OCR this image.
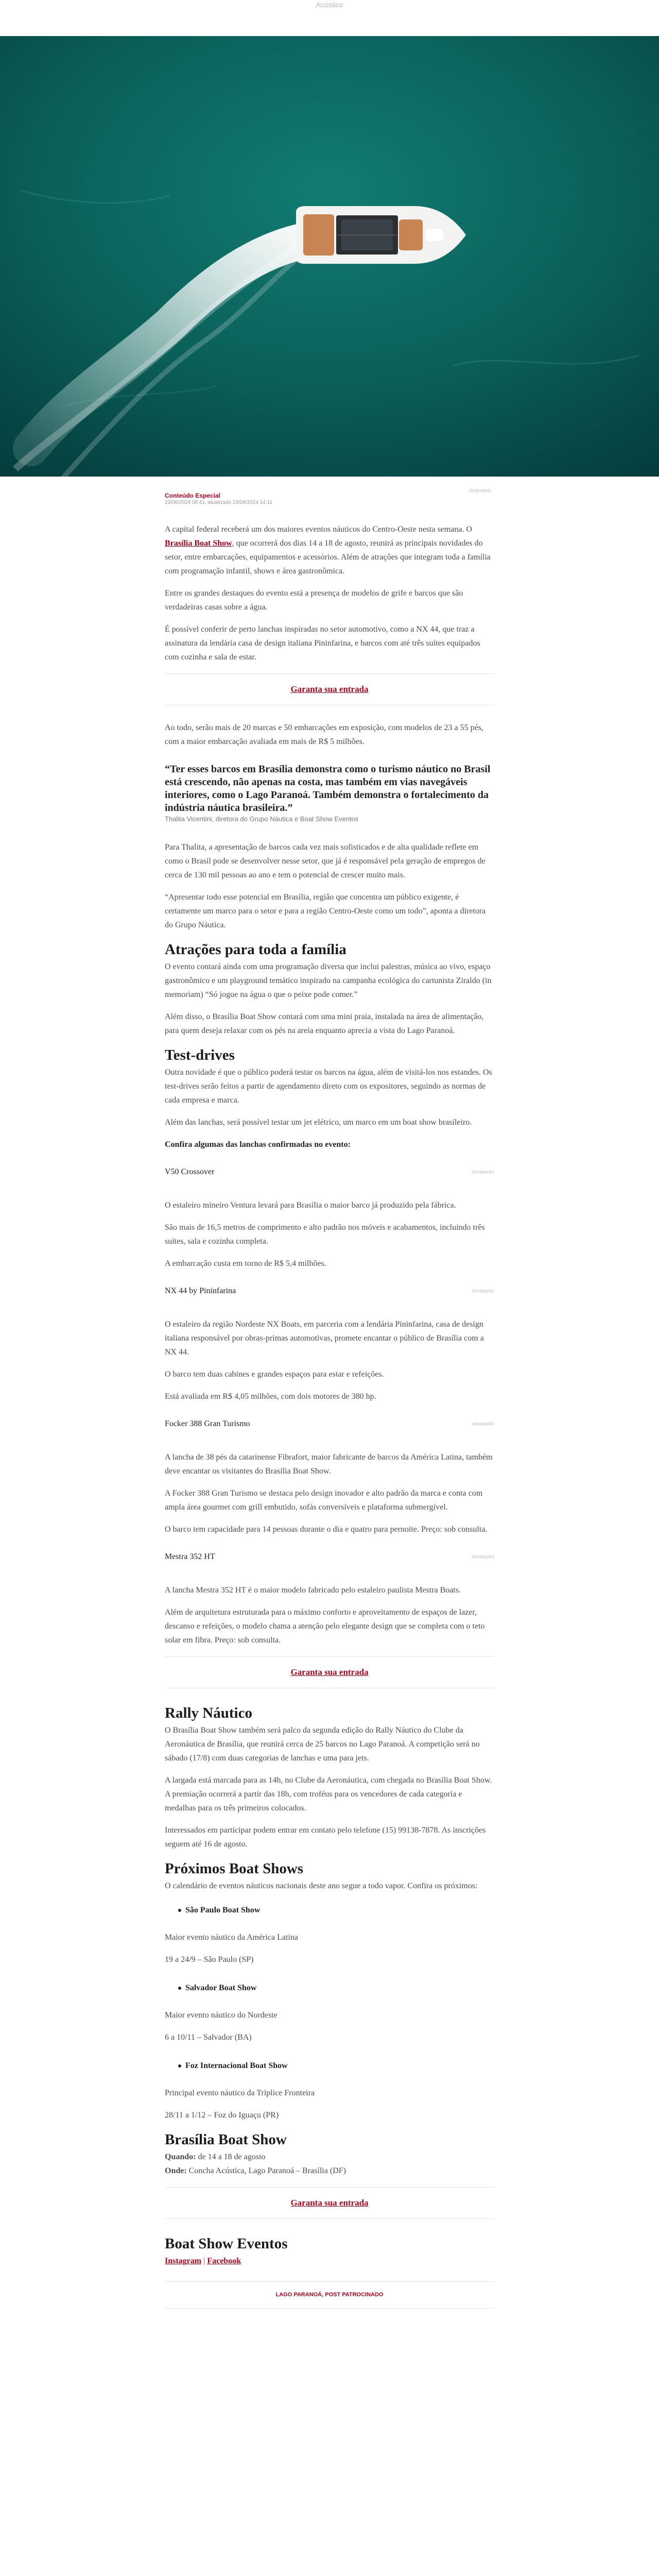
Acústico
(ilustrativa)
Conteúdo Especial
23/08/2024 08:41, atualizado 23/08/2024 14:11

A capital federal receberá um dos maiores eventos náuticos do Centro-Oeste nesta semana. O Brasília Boat Show, que ocorrerá dos dias 14 a 18 de agosto, reunirá as principais novidades do setor, entre embarcações, equipamentos e acessórios. Além de atrações que integram toda a família com programação infantil, shows e área gastronômica.

Entre os grandes destaques do evento está a presença de modelos de grife e barcos que são verdadeiras casas sobre a água.

É possível conferir de perto lanchas inspiradas no setor automotivo, como a NX 44, que traz a assinatura da lendária casa de design italiana Pininfarina, e barcos com até três suítes equipados com cozinha e sala de estar.

Garanta sua entrada

Ao todo, serão mais de 20 marcas e 50 embarcações em exposição, com modelos de 23 a 55 pés, com a maior embarcação avaliada em mais de R$ 5 milhões.

“Ter esses barcos em Brasília demonstra como o turismo náutico no Brasil está crescendo, não apenas na costa, mas também em vias navegáveis interiores, como o Lago Paranoá. Também demonstra o fortalecimento da indústria náutica brasileira.”
Thalita Vicentini, diretora do Grupo Náutica e Boat Show Eventos

Para Thalita, a apresentação de barcos cada vez mais sofisticados e de alta qualidade reflete em como o Brasil pode se desenvolver nesse setor, que já é responsável pela geração de empregos de cerca de 130 mil pessoas ao ano e tem o potencial de crescer muito mais.

“Apresentar todo esse potencial em Brasília, região que concentra um público exigente, é certamente um marco para o setor e para a região Centro-Oeste como um todo”, aponta a diretora do Grupo Náutica.

Atrações para toda a família

O evento contará ainda com uma programação diversa que inclui palestras, música ao vivo, espaço gastronômico e um playground temático inspirado na campanha ecológica do cartunista Ziraldo (in memoriam) “Só jogue na água o que o peixe pode comer.”

Além disso, o Brasília Boat Show contará com uma mini praia, instalada na área de alimentação, para quem deseja relaxar com os pés na areia enquanto aprecia a vista do Lago Paranoá.

Test-drives

Outra novidade é que o público poderá testar os barcos na água, além de visitá-los nos estandes. Os test-drives serão feitos a partir de agendamento direto com os expositores, seguindo as normas de cada empresa e marca.

Além das lanchas, será possível testar um jet elétrico, um marco em um boat show brasileiro.

Confira algumas das lanchas confirmadas no evento:

V50 Crossover	(divulgação)

O estaleiro mineiro Ventura levará para Brasília o maior barco já produzido pela fábrica.

São mais de 16,5 metros de comprimento e alto padrão nos móveis e acabamentos, incluindo três suítes, sala e cozinha completa.

A embarcação custa em torno de R$ 5,4 milhões.

NX 44 by Pininfarina	(divulgação)

O estaleiro da região Nordeste NX Boats, em parceria com a lendária Pininfarina, casa de design italiana responsável por obras-primas automotivas, promete encantar o público de Brasília com a NX 44.

O barco tem duas cabines e grandes espaços para estar e refeições.

Está avaliada em R$ 4,05 milhões, com dois motores de 380 hp.

Focker 388 Gran Turismo	(divulgação)

A lancha de 38 pés da catarinense Fibrafort, maior fabricante de barcos da América Latina, também deve encantar os visitantes do Brasília Boat Show.

A Focker 388 Gran Turismo se destaca pelo design inovador e alto padrão da marca e conta com ampla área gourmet com grill embutido, sofás conversíveis e plataforma submergível.

O barco tem capacidade para 14 pessoas durante o dia e quatro para pernoite. Preço: sob consulta.

Mestra 352 HT	(divulgação)

A lancha Mestra 352 HT é o maior modelo fabricado pelo estaleiro paulista Mestra Boats.

Além de arquitetura estruturada para o máximo conforto e aproveitamento de espaços de lazer, descanso e refeições, o modelo chama a atenção pelo elegante design que se completa com o teto solar em fibra. Preço: sob consulta.

Garanta sua entrada
Rally Náutico

O Brasília Boat Show também será palco da segunda edição do Rally Náutico do Clube da Aeronáutica de Brasília, que reunirá cerca de 25 barcos no Lago Paranoá. A competição será no sábado (17/8) com duas categorias de lanchas e uma para jets.

A largada está marcada para as 14h, no Clube da Aeronáutica, com chegada no Brasília Boat Show. A premiação ocorrerá a partir das 18h, com troféus para os vencedores de cada categoria e medalhas para os três primeiros colocados.

Interessados em participar podem entrar em contato pelo telefone (15) 99138-7878. As inscrições seguem até 16 de agosto.

Próximos Boat Shows

O calendário de eventos náuticos nacionais deste ano segue a todo vapor. Confira os próximos:

São Paulo Boat Show

Maior evento náutico da América Latina

19 a 24/9 – São Paulo (SP)

Salvador Boat Show

Maior evento náutico do Nordeste

6 a 10/11 – Salvador (BA)

Foz Internacional Boat Show

Principal evento náutico da Tríplice Fronteira

28/11 a 1/12 – Foz do Iguaçu (PR)

Brasília Boat Show

Quando: de 14 a 18 de agosto

Onde: Concha Acústica, Lago Paranoá – Brasília (DF)

Garanta sua entrada
Boat Show Eventos

Instagram | Facebook

LAGO PARANOÁ, POST PATROCINADO
